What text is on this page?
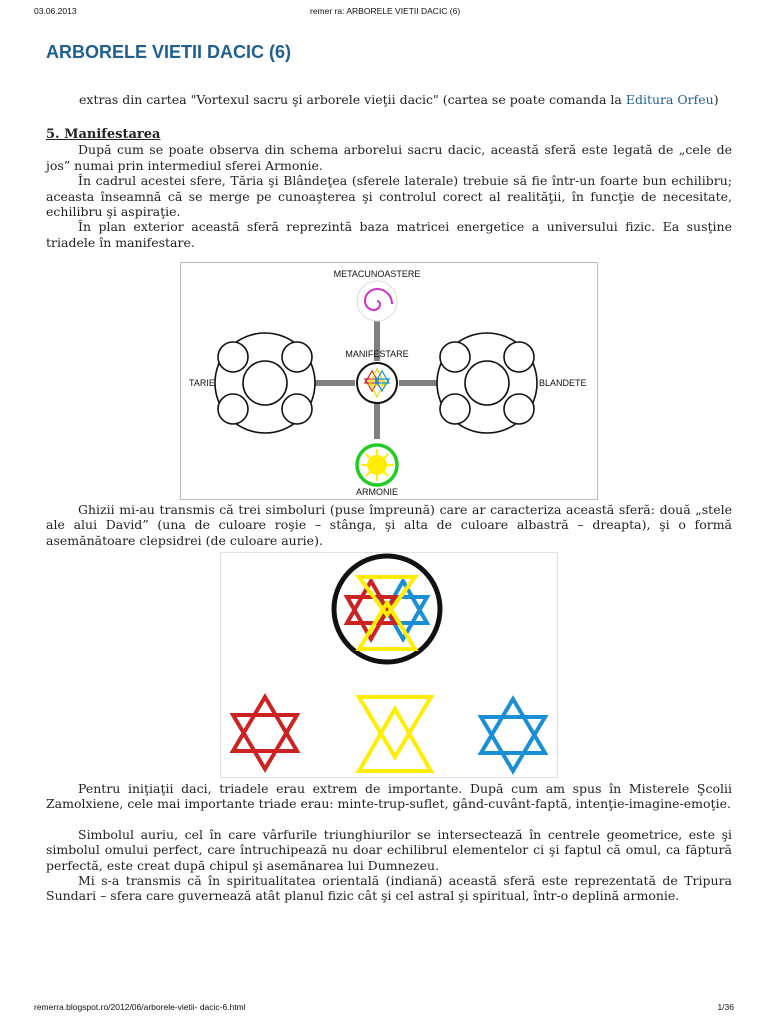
03.06.2013	remer ra: ARBORELE VIETII DACIC (6)
ARBORELE VIETII DACIC (6)
extras din cartea "Vortexul sacru şi arborele vieţii dacic" (cartea se poate comanda la Editura Orfeu)
5. Manifestarea

După cum se poate observa din schema arborelui sacru dacic, această sferă este legată de „cele de jos” numai prin intermediul sferei Armonie.

În cadrul acestei sfere, Tăria şi Blândeţea (sferele laterale) trebuie să fie într-un foarte bun echilibru; aceasta înseamnă că se merge pe cunoaşterea şi controlul corect al realităţii, în funcţie de necesitate, echilibru şi aspiraţie.

În plan exterior această sferă reprezintă baza matricei energetice a universului fizic. Ea susţine triadele în manifestare.

METACUNOASTERE
MANIFESTARE
TARIE	BLANDETE
ARMONIE

Ghizii mi-au transmis că trei simboluri (puse împreună) care ar caracteriza această sferă: două „stele ale alui David” (una de culoare roşie – stânga, şi alta de culoare albastră – dreapta), şi o formă asemănătoare clepsidrei (de culoare aurie).

Pentru iniţiaţii daci, triadele erau extrem de importante. După cum am spus în Misterele Şcolii Zamolxiene, cele mai importante triade erau: minte-trup-suflet, gând-cuvânt-faptă, intenţie-imagine-emoţie.

Simbolul auriu, cel în care vârfurile triunghiurilor se intersectează în centrele geometrice, este şi simbolul omului perfect, care întruchipează nu doar echilibrul elementelor ci şi faptul că omul, ca făptură perfectă, este creat după chipul şi asemănarea lui Dumnezeu.

Mi s-a transmis că în spiritualitatea orientală (indiană) această sferă este reprezentată de Tripura Sundari – sfera care guvernează atât planul fizic cât şi cel astral şi spiritual, într-o deplină armonie.

remerra.blogspot.ro/2012/06/arborele-vietii- dacic-6.html	1/36
